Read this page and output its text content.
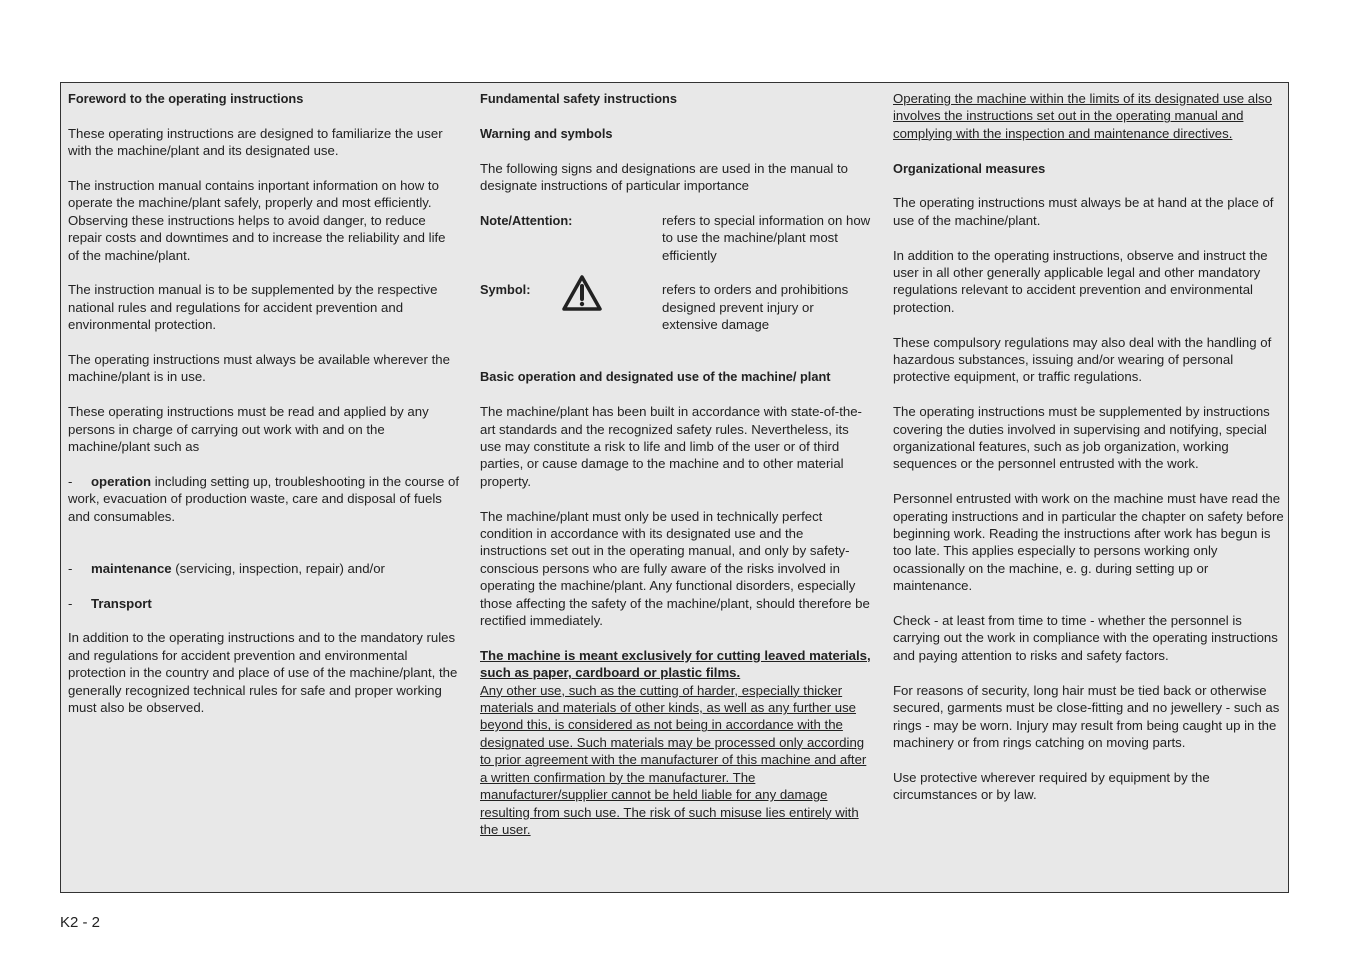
Foreword to the operating instructions

These operating instructions are designed to familiarize the user with the machine/plant and its designated use.

The instruction manual contains inportant information on how to operate the machine/plant safely, properly and most efficiently. Observing these instructions helps to avoid danger, to reduce repair costs and downtimes and to increase the reliability and life of the machine/plant.

The instruction manual is to be supplemented by the respective national rules and regulations for accident prevention and environmental protection.

The operating instructions must always be available wherever the machine/plant is in use.

These operating instructions must be read and applied by any persons in charge of carrying out work with and on the machine/plant such as

- operation including setting up, troubleshooting in the course of work, evacuation of production waste, care and disposal of fuels and consumables.

- maintenance (servicing, inspection, repair) and/or

- Transport

In addition to the operating instructions and to the mandatory rules and regulations for accident prevention and environmental protection in the country and place of use of the machine/plant, the generally recognized technical rules for safe and proper working must also be observed.

Fundamental safety instructions

Warning and symbols

The following signs and designations are used in the manual to designate instructions of particular importance

Note/Attention:	refers to special information on how to use the machine/plant most efficiently
Symbol:	refers to orders and prohibitions designed prevent injury or extensive damage

Basic operation and designated use of the machine/ plant

The machine/plant has been built in accordance with state-of-the-art standards and the recognized safety rules. Nevertheless, its use may constitute a risk to life and limb of the user or of third parties, or cause damage to the machine and to other material property.

The machine/plant must only be used in technically perfect condition in accordance with its designated use and the instructions set out in the operating manual, and only by safety-conscious persons who are fully aware of the risks involved in operating the machine/plant. Any functional disorders, especially those affecting the safety of the machine/plant, should therefore be rectified immediately.

The machine is meant exclusively for cutting leaved materials, such as paper, cardboard or plastic films.
Any other use, such as the cutting of harder, especially thicker materials and materials of other kinds, as well as any further use beyond this, is considered as not being in accordance with the designated use. Such materials may be processed only according to prior agreement with the manufacturer of this machine and after a written confirmation by the manufacturer. The manufacturer/supplier cannot be held liable for any damage resulting from such use. The risk of such misuse lies entirely with the user.

Operating the machine within the limits of its designated use also involves the instructions set out in the operating manual and complying with the inspection and maintenance directives.

Organizational measures

The operating instructions must always be at hand at the place of use of the machine/plant.

In addition to the operating instructions, observe and instruct the user in all other generally applicable legal and other mandatory regulations relevant to accident prevention and environmental protection.

These compulsory regulations may also deal with the handling of hazardous substances, issuing and/or wearing of personal protective equipment, or traffic regulations.

The operating instructions must be supplemented by instructions covering the duties involved in supervising and notifying, special organizational features, such as job organization, working sequences or the personnel entrusted with the work.

Personnel entrusted with work on the machine must have read the operating instructions and in particular the chapter on safety before beginning work. Reading the instructions after work has begun is too late. This applies especially to persons working only ocassionally on the machine, e. g. during setting up or maintenance.

Check - at least from time to time - whether the personnel is carrying out the work in compliance with the operating instructions and paying attention to risks and safety factors.

For reasons of security, long hair must be tied back or otherwise secured, garments must be close-fitting and no jewellery - such as rings - may be worn. Injury may result from being caught up in the machinery or from rings catching on moving parts.

Use protective wherever required by equipment by the circumstances or by law.

K2 - 2
